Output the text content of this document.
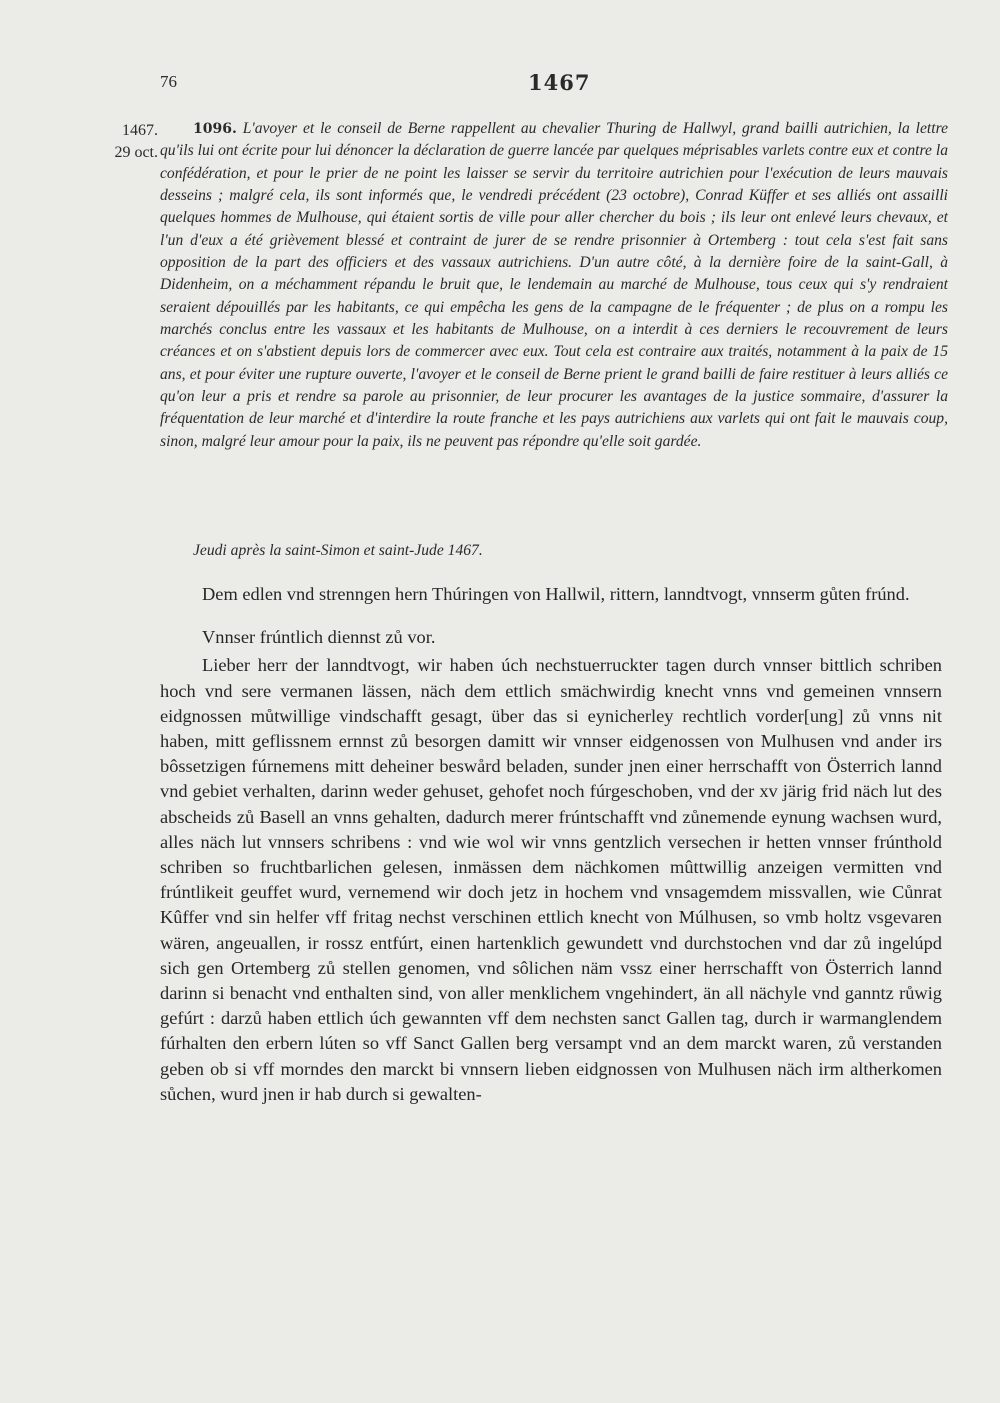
76	1467
1467.
29 oct.
1096. L'avoyer et le conseil de Berne rappellent au chevalier Thuring de Hallwyl, grand bailli autrichien, la lettre qu'ils lui ont écrite pour lui dénoncer la déclaration de guerre lancée par quelques méprisables varlets contre eux et contre la confédération, et pour le prier de ne point les laisser se servir du territoire autrichien pour l'exécution de leurs mauvais desseins ; malgré cela, ils sont informés que, le vendredi précédent (23 octobre), Conrad Küffer et ses alliés ont assailli quelques hommes de Mulhouse, qui étaient sortis de ville pour aller chercher du bois ; ils leur ont enlevé leurs chevaux, et l'un d'eux a été grièvement blessé et contraint de jurer de se rendre prisonnier à Ortemberg : tout cela s'est fait sans opposition de la part des officiers et des vassaux autrichiens. D'un autre côté, à la dernière foire de la saint-Gall, à Didenheim, on a méchamment répandu le bruit que, le lendemain au marché de Mulhouse, tous ceux qui s'y rendraient seraient dépouillés par les habitants, ce qui empêcha les gens de la campagne de le fréquenter ; de plus on a rompu les marchés conclus entre les vassaux et les habitants de Mulhouse, on a interdit à ces derniers le recouvrement de leurs créances et on s'abstient depuis lors de commercer avec eux. Tout cela est contraire aux traités, notamment à la paix de 15 ans, et pour éviter une rupture ouverte, l'avoyer et le conseil de Berne prient le grand bailli de faire restituer à leurs alliés ce qu'on leur a pris et rendre sa parole au prisonnier, de leur procurer les avantages de la justice sommaire, d'assurer la fréquentation de leur marché et d'interdire la route franche et les pays autrichiens aux varlets qui ont fait le mauvais coup, sinon, malgré leur amour pour la paix, ils ne peuvent pas répondre qu'elle soit gardée.
Jeudi après la saint-Simon et saint-Jude 1467.

Dem edlen vnd strenngen hern Thúringen von Hallwil, rittern, lanndtvogt, vnnserm gůten frúnd.

Vnnser frúntlich diennst zů vor.

Lieber herr der lanndtvogt, wir haben úch nechstuerruckter tagen durch vnnser bittlich schriben hoch vnd sere vermanen lässen, näch dem ettlich smächwirdig knecht vnns vnd gemeinen vnnsern eidgnossen můtwillige vindschafft gesagt, über das si eynicherley rechtlich vorder[ung] zů vnns nit haben, mitt geflissnem ernnst zů besorgen damitt wir vnnser eidgenossen von Mulhusen vnd ander irs bôssetzigen fúrnemens mitt deheiner beswård beladen, sunder jnen einer herrschafft von Österrich lannd vnd gebiet verhalten, darinn weder gehuset, gehofet noch fúrgeschoben, vnd der xv järig frid näch lut des abscheids zů Basell an vnns gehalten, dadurch merer frúntschafft vnd zůnemende eynung wachsen wurd, alles näch lut vnnsers schribens : vnd wie wol wir vnns gentzlich versechen ir hetten vnnser frúnthold schriben so fruchtbarlichen gelesen, inmässen dem nächkomen mûttwillig anzeigen vermitten vnd frúntlikeit geuffet wurd, vernemend wir doch jetz in hochem vnd vnsagemdem missvallen, wie Cůnrat Kûffer vnd sin helfer vff fritag nechst verschinen ettlich knecht von Múlhusen, so vmb holtz vsgevaren wären, angeuallen, ir rossz entfúrt, einen hartenklich gewundett vnd durchstochen vnd dar zů ingelúpd sich gen Ortemberg zů stellen genomen, vnd sôlichen näm vssz einer herrschafft von Österrich lannd darinn si benacht vnd enthalten sind, von aller menklichem vngehindert, än all nächyle vnd ganntz růwig gefúrt : darzů haben ettlich úch gewannten vff dem nechsten sanct Gallen tag, durch ir warmanglendem fúrhalten den erbern lúten so vff Sanct Gallen berg versampt vnd an dem marckt waren, zů verstanden geben ob si vff morndes den marckt bi vnnsern lieben eidgnossen von Mulhusen näch irm altherkomen sůchen, wurd jnen ir hab durch si gewalten-
